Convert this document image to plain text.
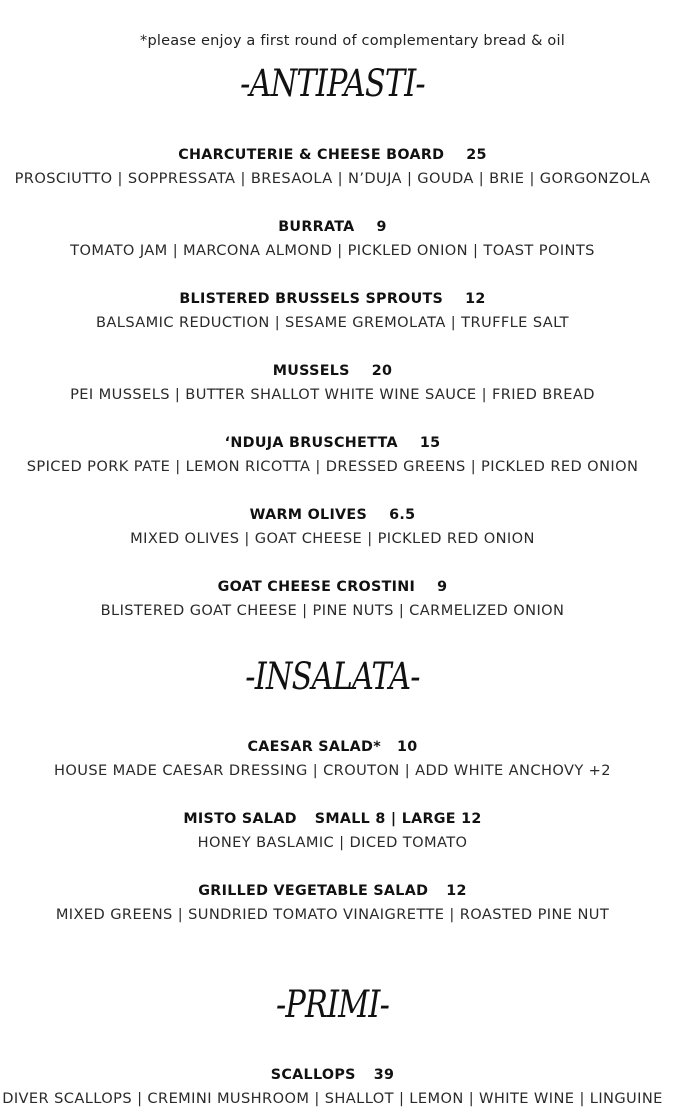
*please enjoy a first round of complementary bread & oil
-ANTIPASTI-
CHARCUTERIE & CHEESE BOARD 25
PROSCIUTTO | SOPPRESSATA | BRESAOLA | N’DUJA | GOUDA | BRIE | GORGONZOLA
BURRATA 9
TOMATO JAM | MARCONA ALMOND | PICKLED ONION | TOAST POINTS
BLISTERED BRUSSELS SPROUTS 12
BALSAMIC REDUCTION | SESAME GREMOLATA | TRUFFLE SALT
MUSSELS 20
PEI MUSSELS | BUTTER SHALLOT WHITE WINE SAUCE | FRIED BREAD
‘NDUJA BRUSCHETTA 15
SPICED PORK PATE | LEMON RICOTTA | DRESSED GREENS | PICKLED RED ONION
WARM OLIVES 6.5
MIXED OLIVES | GOAT CHEESE | PICKLED RED ONION
GOAT CHEESE CROSTINI 9
BLISTERED GOAT CHEESE | PINE NUTS | CARMELIZED ONION
-INSALATA-
CAESAR SALAD* 10
HOUSE MADE CAESAR DRESSING | CROUTON | ADD WHITE ANCHOVY +2
MISTO SALAD SMALL 8 | LARGE 12
HONEY BASLAMIC | DICED TOMATO
GRILLED VEGETABLE SALAD 12
MIXED GREENS | SUNDRIED TOMATO VINAIGRETTE | ROASTED PINE NUT
-PRIMI-
SCALLOPS 39
DIVER SCALLOPS | CREMINI MUSHROOM | SHALLOT | LEMON | WHITE WINE | LINGUINE
